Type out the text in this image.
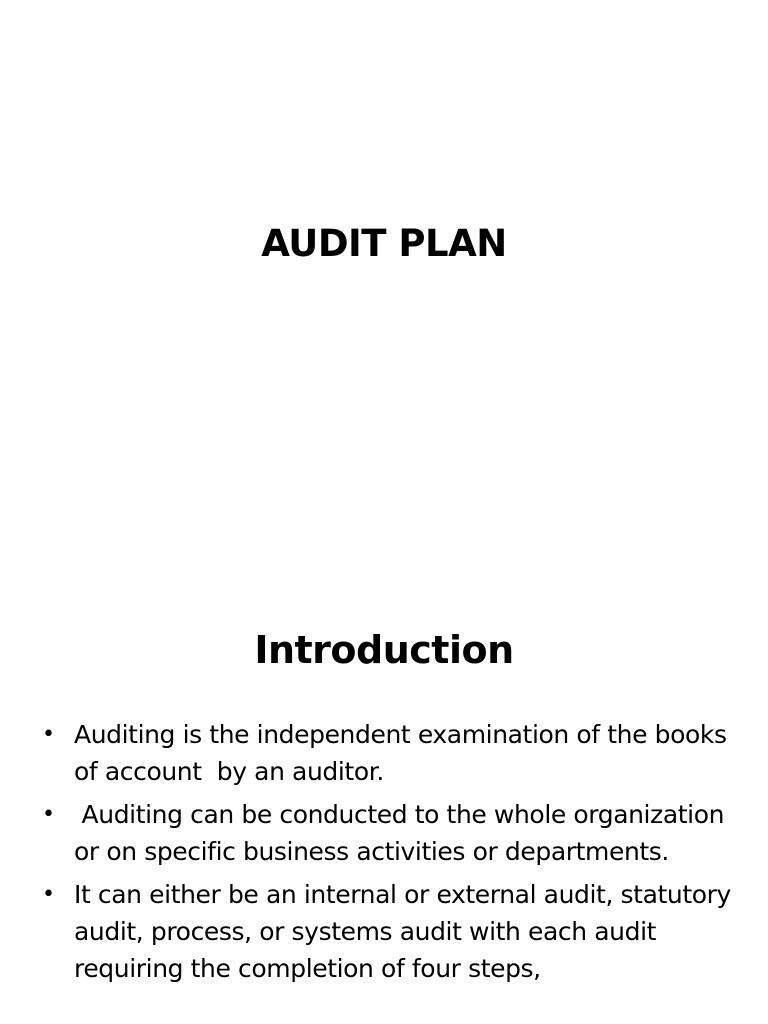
AUDIT PLAN
Introduction
• Auditing is the independent examination of the books of account  by an auditor.
• Auditing can be conducted to the whole organization or on specific business activities or departments.
• It can either be an internal or external audit, statutory audit, process, or systems audit with each audit requiring the completion of four steps,
